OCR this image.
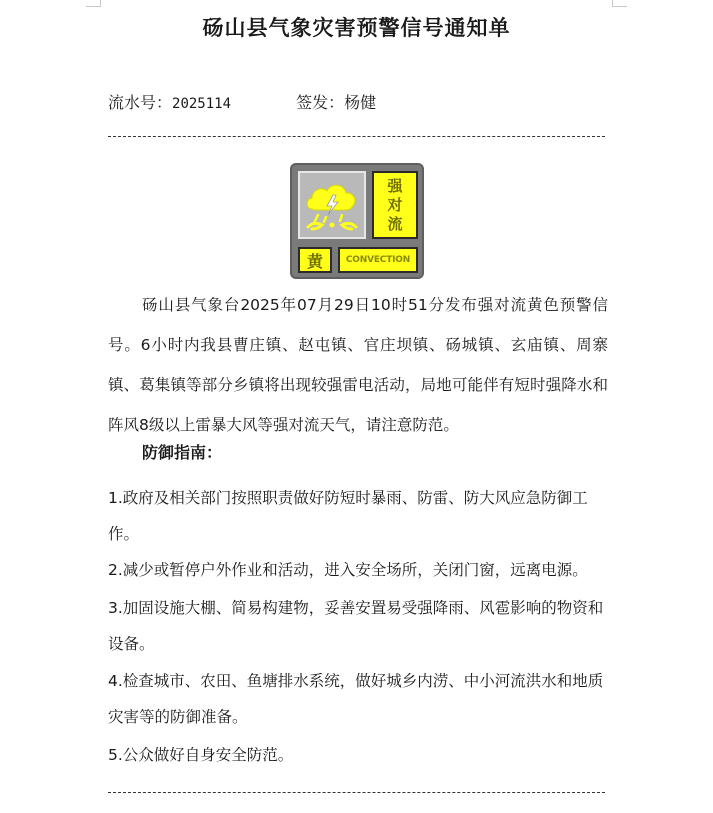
砀山县气象灾害预警信号通知单
流水号：2025114	签发：杨健
强
对
流
黄	CONVECTION
砀山县气象台2025年07月29日10时51分发布强对流黄色预警信号。6小时内我县曹庄镇、赵屯镇、官庄坝镇、砀城镇、玄庙镇、周寨镇、葛集镇等部分乡镇将出现较强雷电活动，局地可能伴有短时强降水和阵风8级以上雷暴大风等强对流天气，请注意防范。
防御指南：
1.政府及相关部门按照职责做好防短时暴雨、防雷、防大风应急防御工作。
2.减少或暂停户外作业和活动，进入安全场所，关闭门窗，远离电源。
3.加固设施大棚、简易构建物，妥善安置易受强降雨、风雹影响的物资和设备。
4.检查城市、农田、鱼塘排水系统，做好城乡内涝、中小河流洪水和地质灾害等的防御准备。
5.公众做好自身安全防范。
